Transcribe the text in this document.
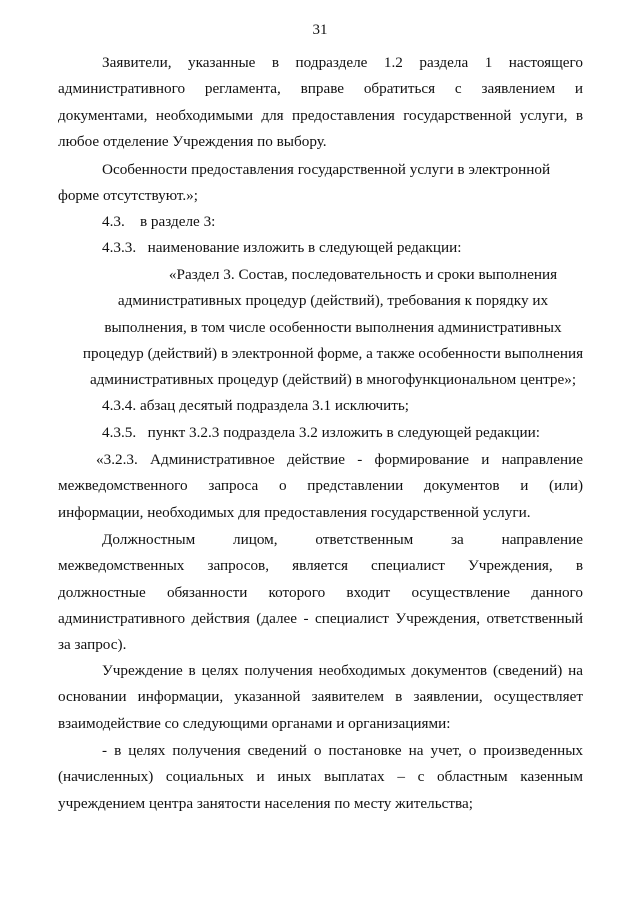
31
Заявители, указанные в подразделе 1.2 раздела 1 настоящего
административного регламента, вправе обратиться с заявлением и
документами, необходимыми для предоставления государственной услуги, в
любое отделение Учреждения по выбору.
Особенности предоставления государственной услуги в электронной
форме отсутствуют.»;
4.3.    в разделе 3:
4.3.3.   наименование изложить в следующей редакции:
«Раздел 3. Состав, последовательность и сроки выполнения
административных процедур (действий), требования к порядку их
выполнения, в том числе особенности выполнения административных
процедур (действий) в электронной форме, а также особенности выполнения
административных процедур (действий) в многофункциональном центре»;
4.3.4. абзац десятый подраздела 3.1 исключить;
4.3.5.   пункт 3.2.3 подраздела 3.2 изложить в следующей редакции:
«3.2.3. Административное действие - формирование и направление
межведомственного запроса о представлении документов и (или)
информации, необходимых для предоставления государственной услуги.
Должностным лицом, ответственным за направление
межведомственных запросов, является специалист Учреждения, в
должностные обязанности которого входит осуществление данного
административного действия (далее - специалист Учреждения, ответственный
за запрос).
Учреждение в целях получения необходимых документов (сведений) на
основании информации, указанной заявителем в заявлении, осуществляет
взаимодействие со следующими органами и организациями:
- в целях получения сведений о постановке на учет, о произведенных
(начисленных) социальных и иных выплатах – с областным казенным
учреждением центра занятости населения по месту жительства;
